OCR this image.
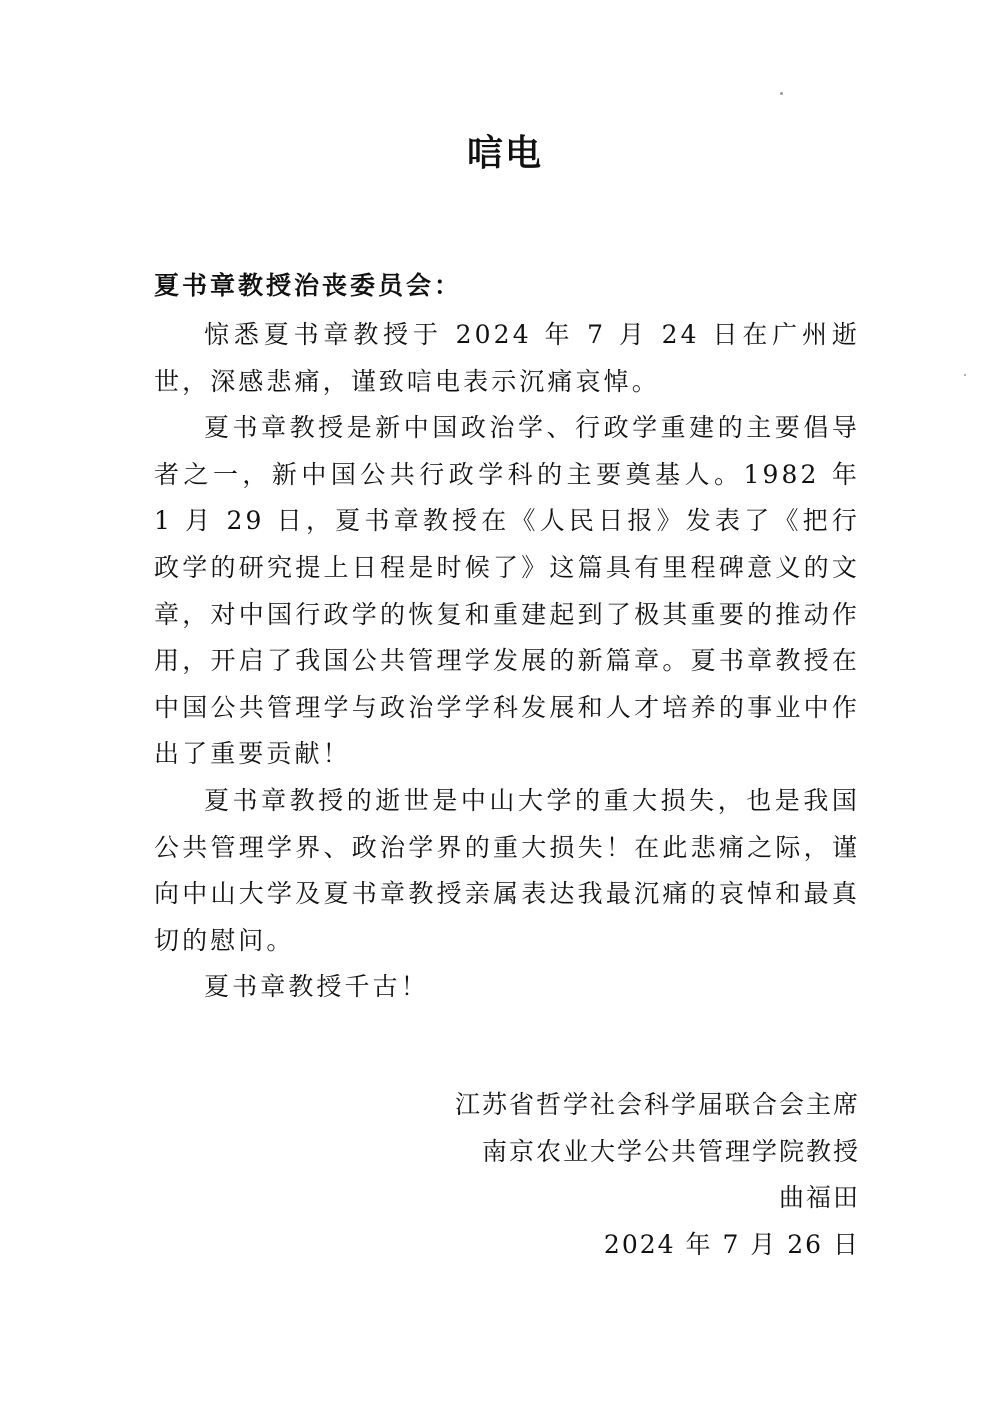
唁电
夏书章教授治丧委员会：

惊悉夏书章教授于 2024 年 7 月 24 日在广州逝世，深感悲痛，谨致唁电表示沉痛哀悼。

夏书章教授是新中国政治学、行政学重建的主要倡导者之一，新中国公共行政学科的主要奠基人。1982 年 1 月 29 日，夏书章教授在《人民日报》发表了《把行政学的研究提上日程是时候了》这篇具有里程碑意义的文章，对中国行政学的恢复和重建起到了极其重要的推动作用，开启了我国公共管理学发展的新篇章。夏书章教授在中国公共管理学与政治学学科发展和人才培养的事业中作出了重要贡献！

夏书章教授的逝世是中山大学的重大损失，也是我国公共管理学界、政治学界的重大损失！在此悲痛之际，谨向中山大学及夏书章教授亲属表达我最沉痛的哀悼和最真切的慰问。

夏书章教授千古！

江苏省哲学社会科学届联合会主席
南京农业大学公共管理学院教授
曲福田
2024 年 7 月 26 日
